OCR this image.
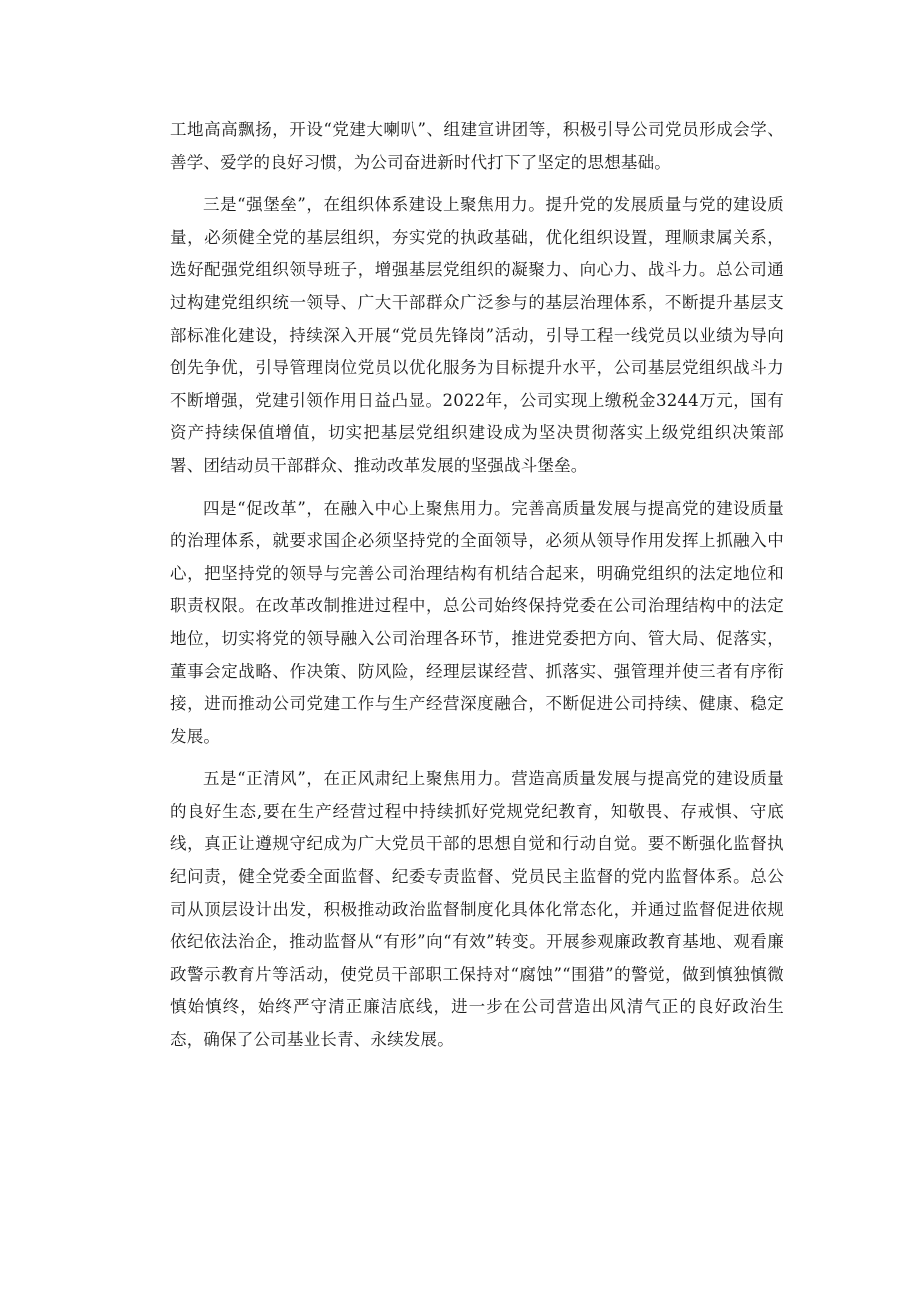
工地高高飘扬，开设“党建大喇叭”、组建宣讲团等，积极引导公司党员形成会学、善学、爱学的良好习惯，为公司奋进新时代打下了坚定的思想基础。

三是“强堡垒”，在组织体系建设上聚焦用力。提升党的发展质量与党的建设质量，必须健全党的基层组织，夯实党的执政基础，优化组织设置，理顺隶属关系，选好配强党组织领导班子，增强基层党组织的凝聚力、向心力、战斗力。总公司通过构建党组织统一领导、广大干部群众广泛参与的基层治理体系，不断提升基层支部标准化建设，持续深入开展“党员先锋岗”活动，引导工程一线党员以业绩为导向创先争优，引导管理岗位党员以优化服务为目标提升水平，公司基层党组织战斗力不断增强，党建引领作用日益凸显。2022年，公司实现上缴税金3244万元，国有资产持续保值增值，切实把基层党组织建设成为坚决贯彻落实上级党组织决策部署、团结动员干部群众、推动改革发展的坚强战斗堡垒。

四是“促改革”，在融入中心上聚焦用力。完善高质量发展与提高党的建设质量的治理体系，就要求国企必须坚持党的全面领导，必须从领导作用发挥上抓融入中心，把坚持党的领导与完善公司治理结构有机结合起来，明确党组织的法定地位和职责权限。在改革改制推进过程中，总公司始终保持党委在公司治理结构中的法定地位，切实将党的领导融入公司治理各环节，推进党委把方向、管大局、促落实，董事会定战略、作决策、防风险，经理层谋经营、抓落实、强管理并使三者有序衔接，进而推动公司党建工作与生产经营深度融合，不断促进公司持续、健康、稳定发展。

五是“正清风”，在正风肃纪上聚焦用力。营造高质量发展与提高党的建设质量的良好生态,要在生产经营过程中持续抓好党规党纪教育，知敬畏、存戒惧、守底线，真正让遵规守纪成为广大党员干部的思想自觉和行动自觉。要不断强化监督执纪问责，健全党委全面监督、纪委专责监督、党员民主监督的党内监督体系。总公司从顶层设计出发，积极推动政治监督制度化具体化常态化，并通过监督促进依规依纪依法治企，推动监督从“有形”向“有效”转变。开展参观廉政教育基地、观看廉政警示教育片等活动，使党员干部职工保持对“腐蚀”“围猎”的警觉，做到慎独慎微慎始慎终，始终严守清正廉洁底线，进一步在公司营造出风清气正的良好政治生态，确保了公司基业长青、永续发展。
